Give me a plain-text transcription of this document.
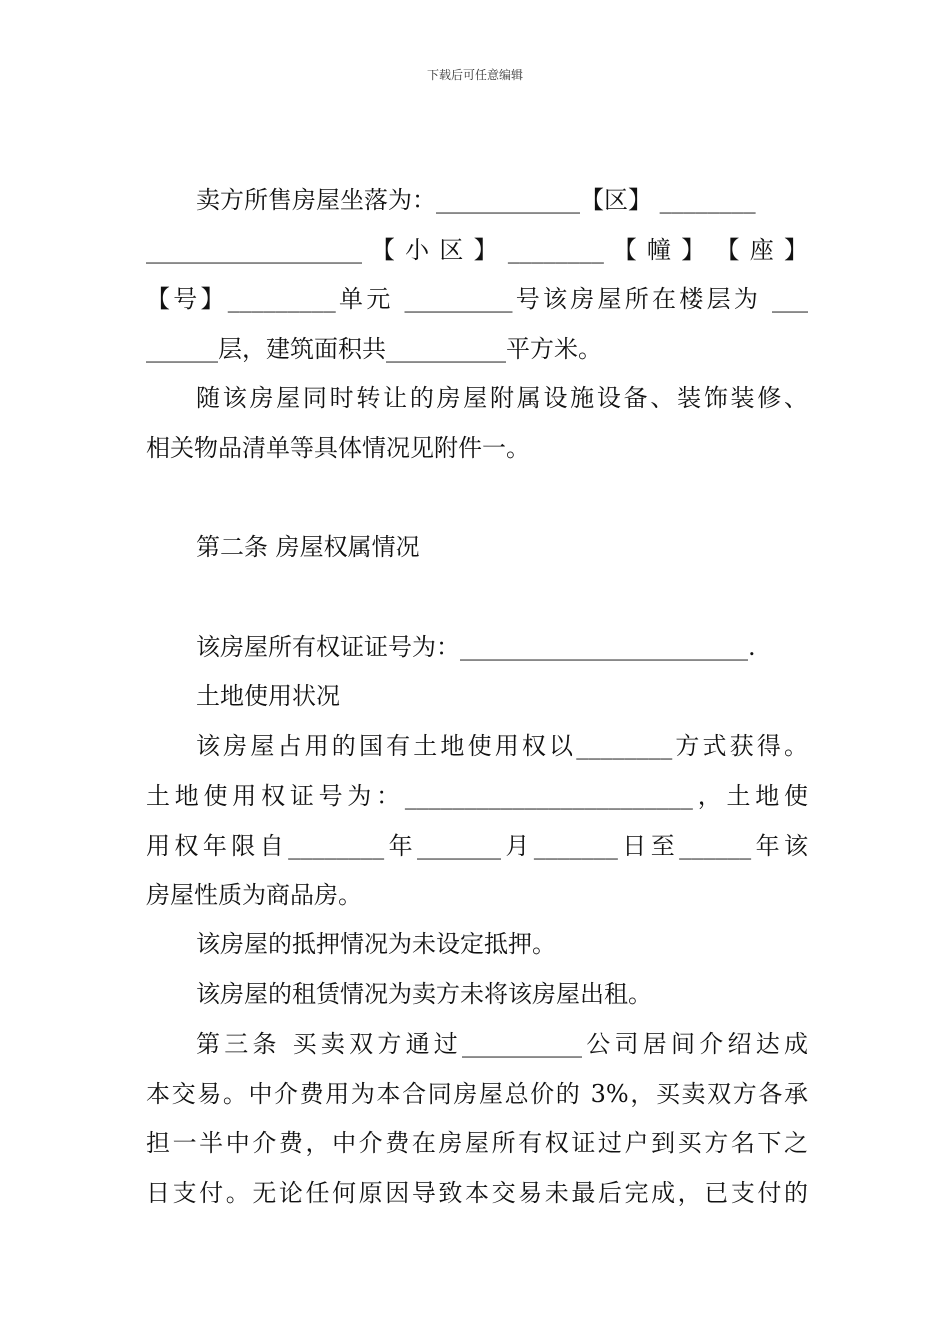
下载后可任意编辑
卖方所售房屋坐落为：____________【区】 ________
__________________ 【 小 区 】 ________ 【 幢 】 【 座 】
【号】_________单元 _________号该房屋所在楼层为 ___
______层，建筑面积共__________平方米。
随该房屋同时转让的房屋附属设施设备、装饰装修、
相关物品清单等具体情况见附件一。
第二条 房屋权属情况
该房屋所有权证证号为：________________________.
土地使用状况
该房屋占用的国有土地使用权以________方式获得。
土地使用权证号为：________________________，土地使
用权年限自________年_______月_______日至______年该
房屋性质为商品房。
该房屋的抵押情况为未设定抵押。
该房屋的租赁情况为卖方未将该房屋出租。
第三条 买卖双方通过__________公司居间介绍达成
本交易。中介费用为本合同房屋总价的 3%，买卖双方各承
担一半中介费，中介费在房屋所有权证过户到买方名下之
日支付。无论任何原因导致本交易未最后完成，已支付的
